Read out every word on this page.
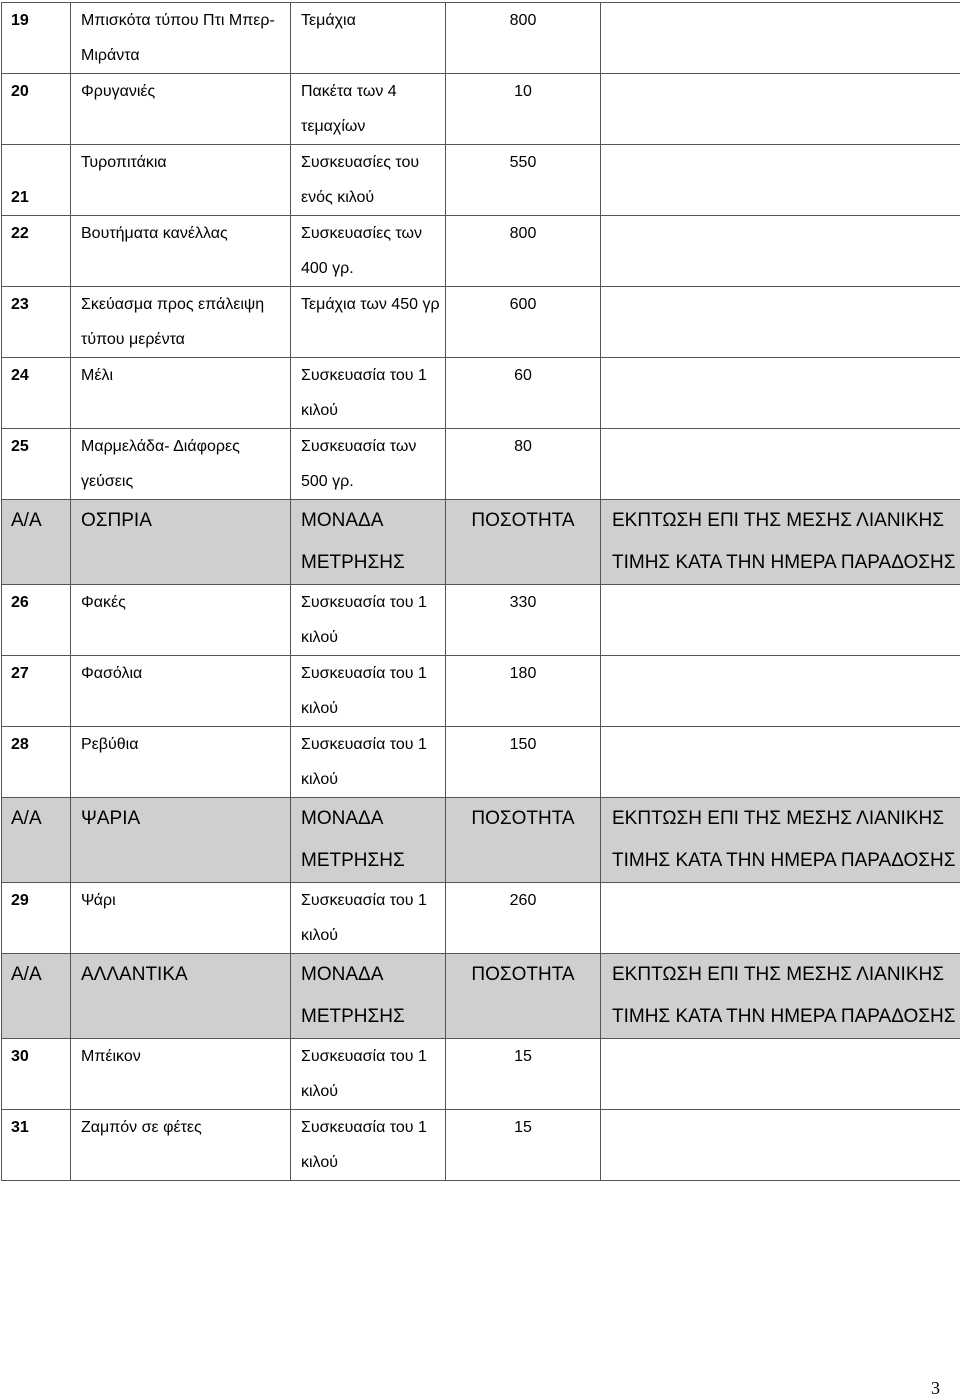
19	Μπισκότα τύπου Πτι Μπερ- Μιράντα	Τεμάχια	800	
20	Φρυγανιές	Πακέτα των 4 τεμαχίων	10	
21	Τυροπιτάκια	Συσκευασίες του ενός κιλού	550	
22	Βουτήματα κανέλλας	Συσκευασίες των 400 γρ.	800	
23	Σκεύασμα προς επάλειψη τύπου μερέντα	Τεμάχια των 450 γρ	600	
24	Μέλι	Συσκευασία του 1 κιλού	60	
25	Μαρμελάδα- Διάφορες γεύσεις	Συσκευασία των 500 γρ.	80	
Α/Α	ΟΣΠΡΙΑ	ΜΟΝΑΔΑ ΜΕΤΡΗΣΗΣ	ΠΟΣΟΤΗΤΑ	ΕΚΠΤΩΣΗ ΕΠΙ ΤΗΣ ΜΕΣΗΣ ΛΙΑΝΙΚΗΣ ΤΙΜΗΣ ΚΑΤΑ ΤΗΝ ΗΜΕΡΑ ΠΑΡΑΔΟΣΗΣ
26	Φακές	Συσκευασία του 1 κιλού	330	
27	Φασόλια	Συσκευασία του 1 κιλού	180	
28	Ρεβύθια	Συσκευασία του 1 κιλού	150	
Α/Α	ΨΑΡΙΑ	ΜΟΝΑΔΑ ΜΕΤΡΗΣΗΣ	ΠΟΣΟΤΗΤΑ	ΕΚΠΤΩΣΗ ΕΠΙ ΤΗΣ ΜΕΣΗΣ ΛΙΑΝΙΚΗΣ ΤΙΜΗΣ ΚΑΤΑ ΤΗΝ ΗΜΕΡΑ ΠΑΡΑΔΟΣΗΣ
29	Ψάρι	Συσκευασία του 1 κιλού	260	
Α/Α	ΑΛΛΑΝΤΙΚΑ	ΜΟΝΑΔΑ ΜΕΤΡΗΣΗΣ	ΠΟΣΟΤΗΤΑ	ΕΚΠΤΩΣΗ ΕΠΙ ΤΗΣ ΜΕΣΗΣ ΛΙΑΝΙΚΗΣ ΤΙΜΗΣ ΚΑΤΑ ΤΗΝ ΗΜΕΡΑ ΠΑΡΑΔΟΣΗΣ
30	Μπέικον	Συσκευασία του 1 κιλού	15	
31	Ζαμπόν σε φέτες	Συσκευασία του 1 κιλού	15	
3
